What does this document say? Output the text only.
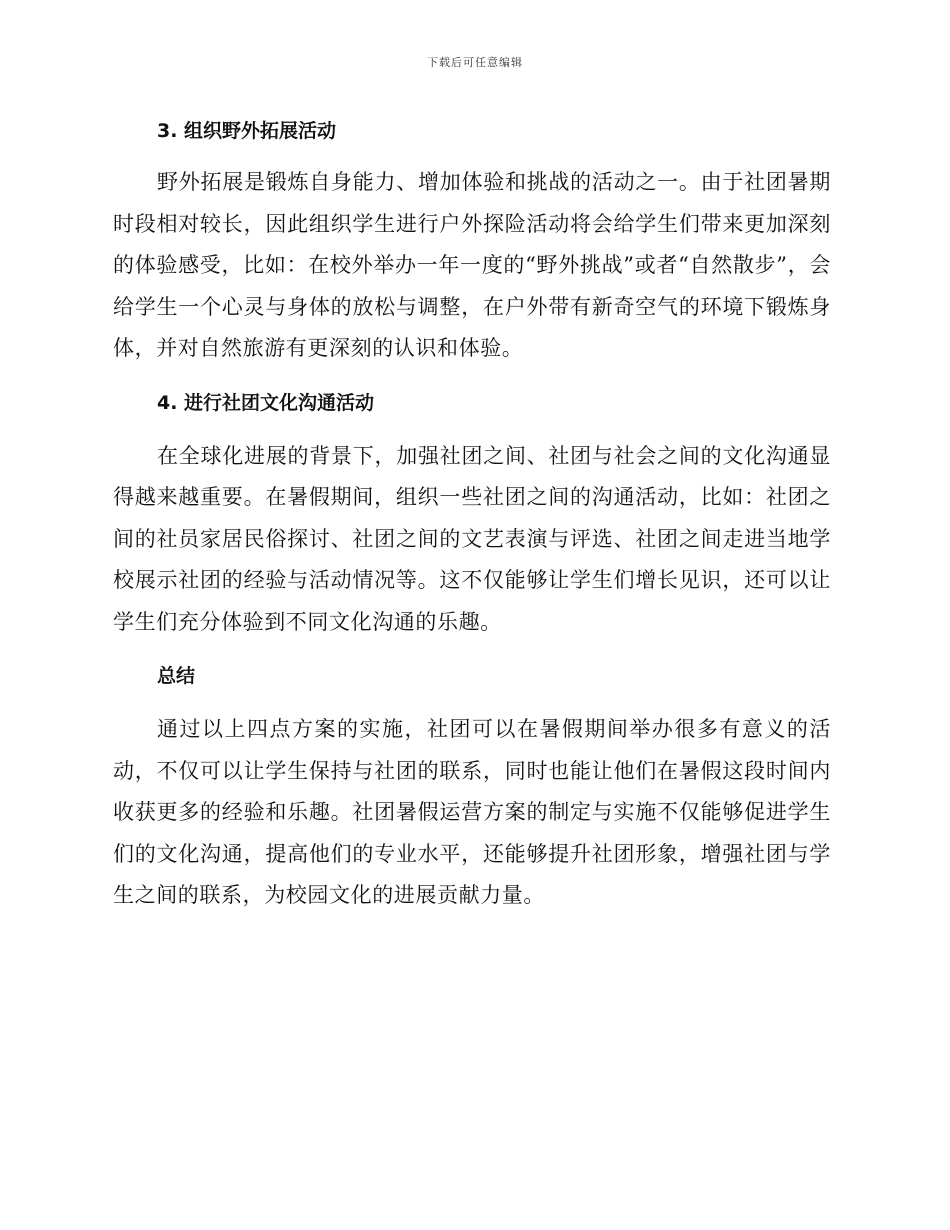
下载后可任意编辑
3. 组织野外拓展活动

野外拓展是锻炼自身能力、增加体验和挑战的活动之一。由于社团暑期时段相对较长，因此组织学生进行户外探险活动将会给学生们带来更加深刻的体验感受，比如：在校外举办一年一度的“野外挑战”或者“自然散步”，会给学生一个心灵与身体的放松与调整，在户外带有新奇空气的环境下锻炼身体，并对自然旅游有更深刻的认识和体验。

4. 进行社团文化沟通活动

在全球化进展的背景下，加强社团之间、社团与社会之间的文化沟通显得越来越重要。在暑假期间，组织一些社团之间的沟通活动，比如：社团之间的社员家居民俗探讨、社团之间的文艺表演与评选、社团之间走进当地学校展示社团的经验与活动情况等。这不仅能够让学生们增长见识，还可以让学生们充分体验到不同文化沟通的乐趣。

总结

通过以上四点方案的实施，社团可以在暑假期间举办很多有意义的活动，不仅可以让学生保持与社团的联系，同时也能让他们在暑假这段时间内收获更多的经验和乐趣。社团暑假运营方案的制定与实施不仅能够促进学生们的文化沟通，提高他们的专业水平，还能够提升社团形象，增强社团与学生之间的联系，为校园文化的进展贡献力量。
